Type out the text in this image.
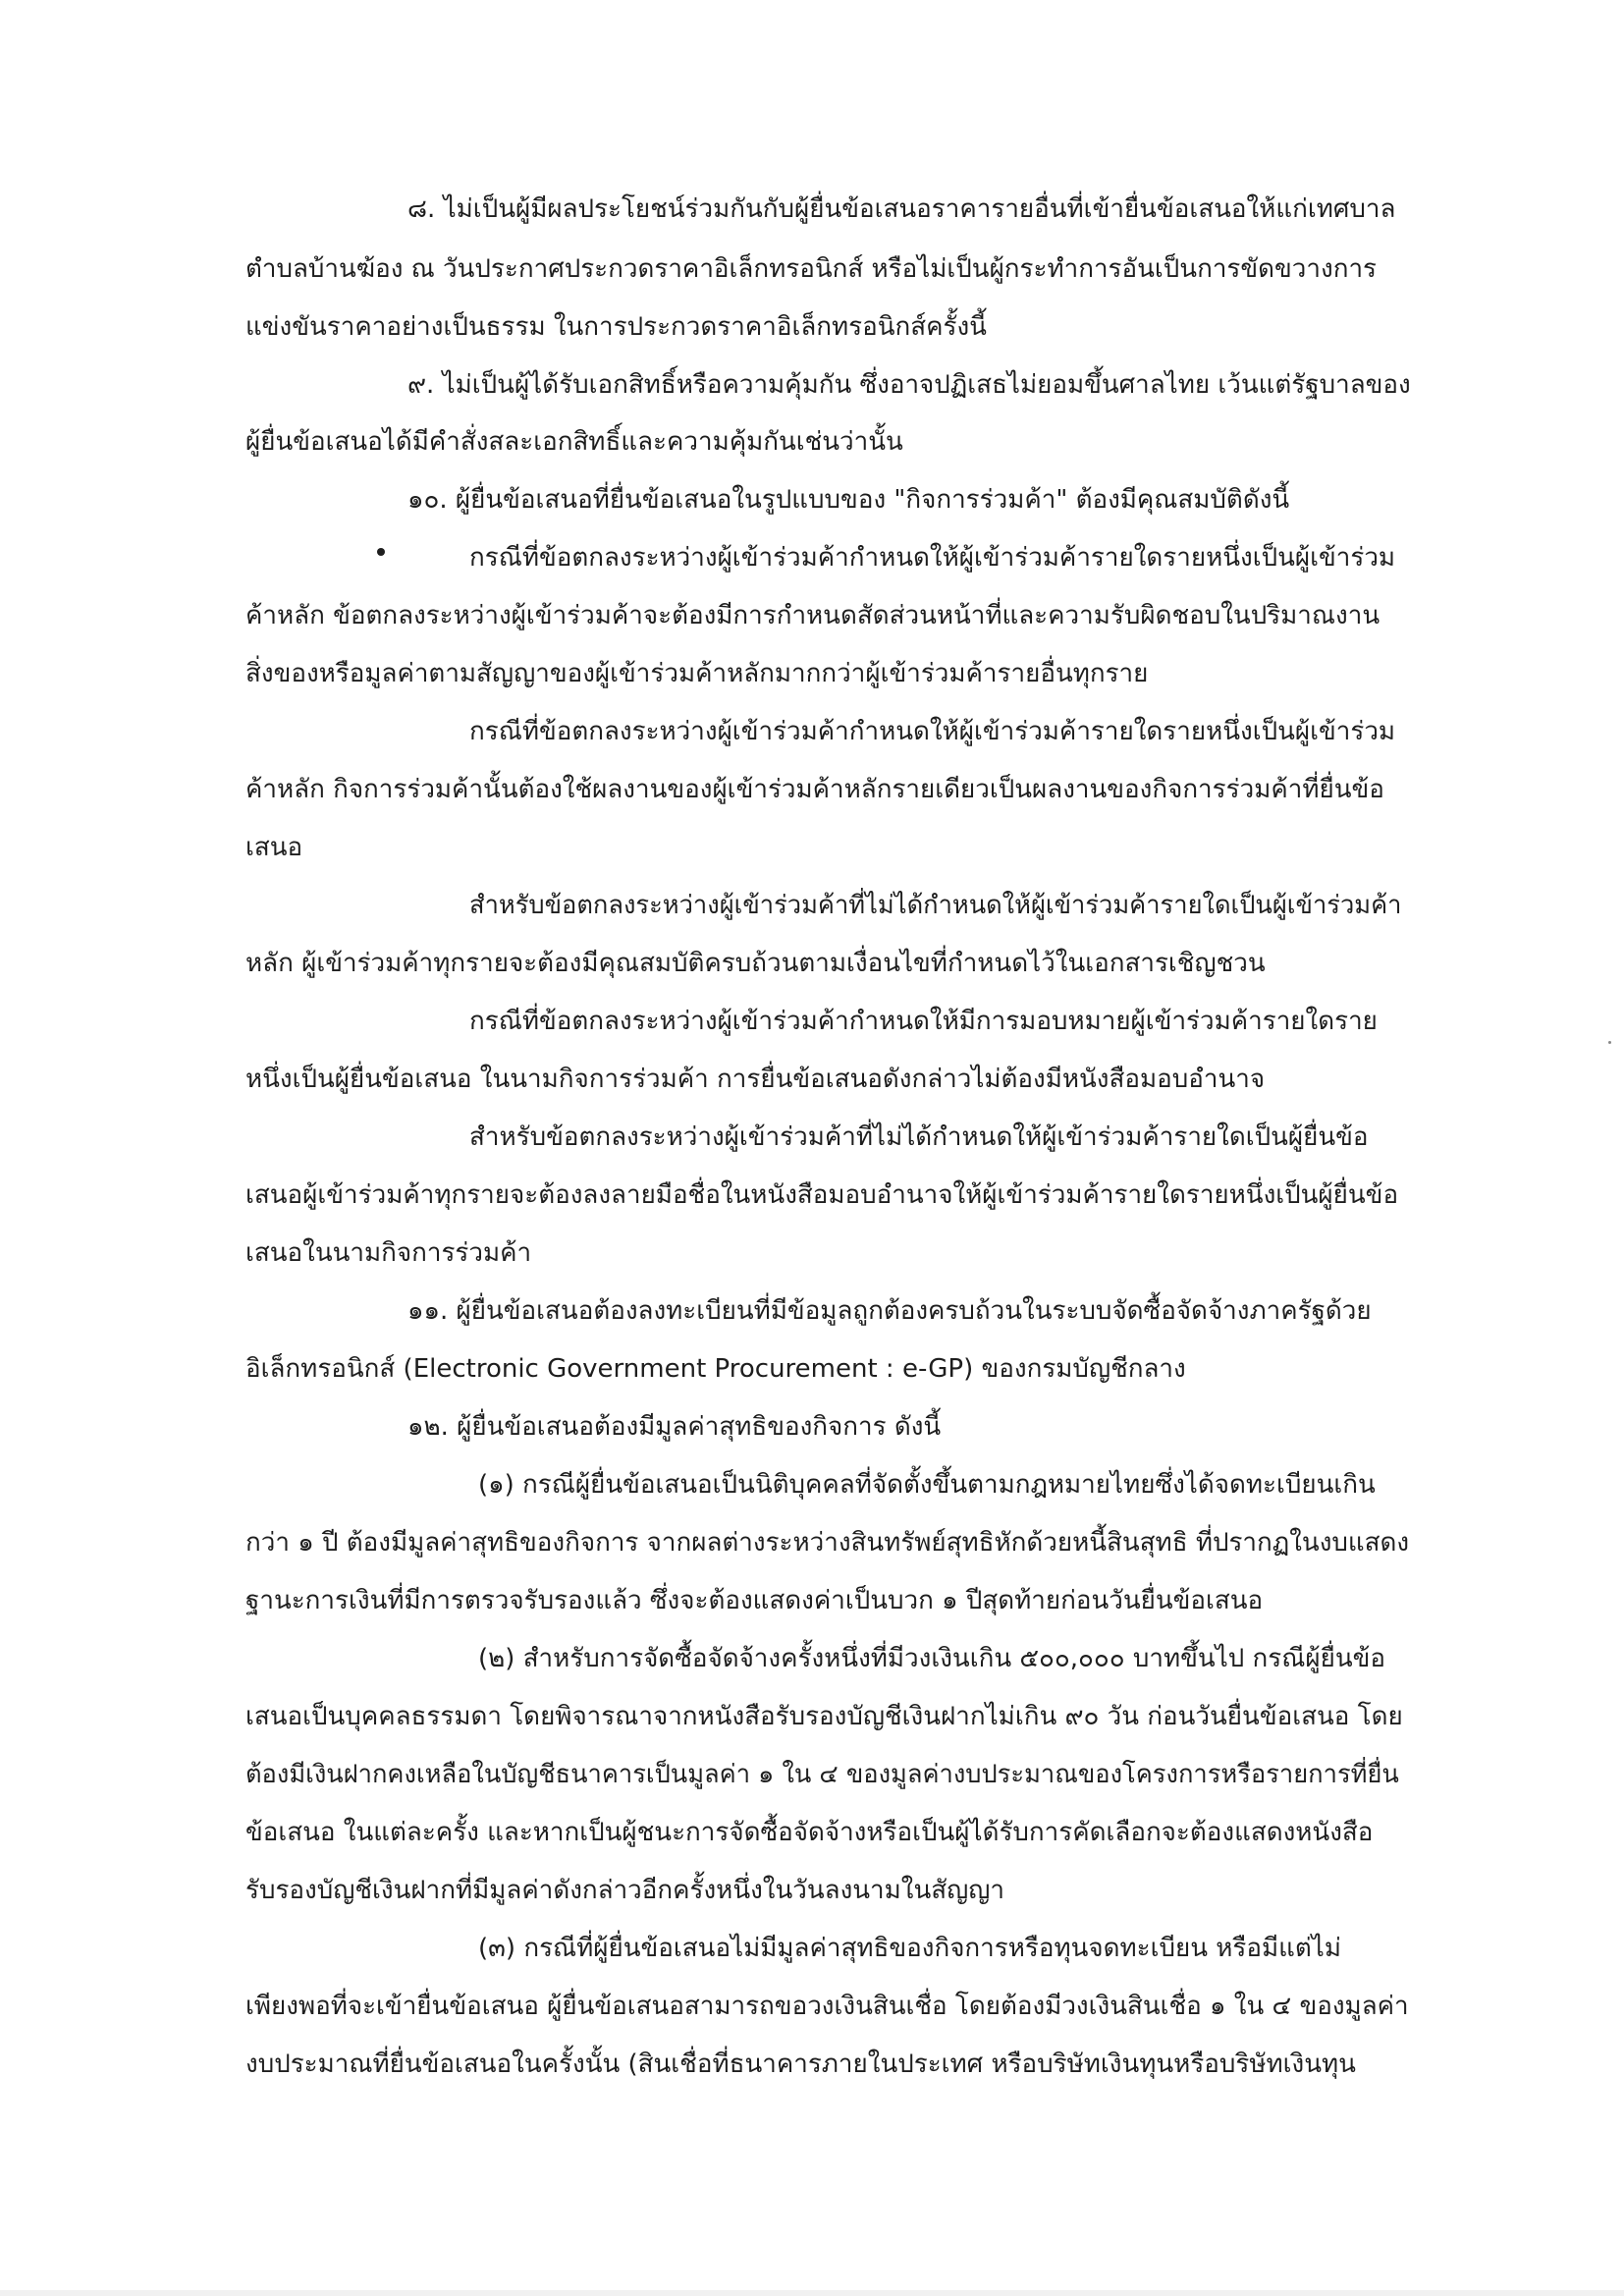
๘. ไม่เป็นผู้มีผลประโยชน์ร่วมกันกับผู้ยื่นข้อเสนอราคารายอื่นที่เข้ายื่นข้อเสนอให้แก่เทศบาล
ตำบลบ้านฆ้อง ณ วันประกาศประกวดราคาอิเล็กทรอนิกส์ หรือไม่เป็นผู้กระทำการอันเป็นการขัดขวางการ
แข่งขันราคาอย่างเป็นธรรม ในการประกวดราคาอิเล็กทรอนิกส์ครั้งนี้
๙. ไม่เป็นผู้ได้รับเอกสิทธิ์หรือความคุ้มกัน ซึ่งอาจปฏิเสธไม่ยอมขึ้นศาลไทย เว้นแต่รัฐบาลของ
ผู้ยื่นข้อเสนอได้มีคำสั่งสละเอกสิทธิ์และความคุ้มกันเช่นว่านั้น
๑๐. ผู้ยื่นข้อเสนอที่ยื่นข้อเสนอในรูปแบบของ "กิจการร่วมค้า" ต้องมีคุณสมบัติดังนี้
กรณีที่ข้อตกลงระหว่างผู้เข้าร่วมค้ากำหนดให้ผู้เข้าร่วมค้ารายใดรายหนึ่งเป็นผู้เข้าร่วม
ค้าหลัก ข้อตกลงระหว่างผู้เข้าร่วมค้าจะต้องมีการกำหนดสัดส่วนหน้าที่และความรับผิดชอบในปริมาณงาน
สิ่งของหรือมูลค่าตามสัญญาของผู้เข้าร่วมค้าหลักมากกว่าผู้เข้าร่วมค้ารายอื่นทุกราย
กรณีที่ข้อตกลงระหว่างผู้เข้าร่วมค้ากำหนดให้ผู้เข้าร่วมค้ารายใดรายหนึ่งเป็นผู้เข้าร่วม
ค้าหลัก กิจการร่วมค้านั้นต้องใช้ผลงานของผู้เข้าร่วมค้าหลักรายเดียวเป็นผลงานของกิจการร่วมค้าที่ยื่นข้อ
เสนอ
สำหรับข้อตกลงระหว่างผู้เข้าร่วมค้าที่ไม่ได้กำหนดให้ผู้เข้าร่วมค้ารายใดเป็นผู้เข้าร่วมค้า
หลัก ผู้เข้าร่วมค้าทุกรายจะต้องมีคุณสมบัติครบถ้วนตามเงื่อนไขที่กำหนดไว้ในเอกสารเชิญชวน
กรณีที่ข้อตกลงระหว่างผู้เข้าร่วมค้ากำหนดให้มีการมอบหมายผู้เข้าร่วมค้ารายใดราย
หนึ่งเป็นผู้ยื่นข้อเสนอ ในนามกิจการร่วมค้า การยื่นข้อเสนอดังกล่าวไม่ต้องมีหนังสือมอบอำนาจ
สำหรับข้อตกลงระหว่างผู้เข้าร่วมค้าที่ไม่ได้กำหนดให้ผู้เข้าร่วมค้ารายใดเป็นผู้ยื่นข้อ
เสนอผู้เข้าร่วมค้าทุกรายจะต้องลงลายมือชื่อในหนังสือมอบอำนาจให้ผู้เข้าร่วมค้ารายใดรายหนึ่งเป็นผู้ยื่นข้อ
เสนอในนามกิจการร่วมค้า
๑๑. ผู้ยื่นข้อเสนอต้องลงทะเบียนที่มีข้อมูลถูกต้องครบถ้วนในระบบจัดซื้อจัดจ้างภาครัฐด้วย
อิเล็กทรอนิกส์ (Electronic Government Procurement : e-GP) ของกรมบัญชีกลาง
๑๒. ผู้ยื่นข้อเสนอต้องมีมูลค่าสุทธิของกิจการ ดังนี้
(๑) กรณีผู้ยื่นข้อเสนอเป็นนิติบุคคลที่จัดตั้งขึ้นตามกฎหมายไทยซึ่งได้จดทะเบียนเกิน
กว่า ๑ ปี ต้องมีมูลค่าสุทธิของกิจการ จากผลต่างระหว่างสินทรัพย์สุทธิหักด้วยหนี้สินสุทธิ ที่ปรากฏในงบแสดง
ฐานะการเงินที่มีการตรวจรับรองแล้ว ซึ่งจะต้องแสดงค่าเป็นบวก ๑ ปีสุดท้ายก่อนวันยื่นข้อเสนอ
(๒) สำหรับการจัดซื้อจัดจ้างครั้งหนึ่งที่มีวงเงินเกิน ๕๐๐,๐๐๐ บาทขึ้นไป กรณีผู้ยื่นข้อ
เสนอเป็นบุคคลธรรมดา โดยพิจารณาจากหนังสือรับรองบัญชีเงินฝากไม่เกิน ๙๐ วัน ก่อนวันยื่นข้อเสนอ โดย
ต้องมีเงินฝากคงเหลือในบัญชีธนาคารเป็นมูลค่า ๑ ใน ๔ ของมูลค่างบประมาณของโครงการหรือรายการที่ยื่น
ข้อเสนอ ในแต่ละครั้ง และหากเป็นผู้ชนะการจัดซื้อจัดจ้างหรือเป็นผู้ได้รับการคัดเลือกจะต้องแสดงหนังสือ
รับรองบัญชีเงินฝากที่มีมูลค่าดังกล่าวอีกครั้งหนึ่งในวันลงนามในสัญญา
(๓) กรณีที่ผู้ยื่นข้อเสนอไม่มีมูลค่าสุทธิของกิจการหรือทุนจดทะเบียน หรือมีแต่ไม่
เพียงพอที่จะเข้ายื่นข้อเสนอ ผู้ยื่นข้อเสนอสามารถขอวงเงินสินเชื่อ โดยต้องมีวงเงินสินเชื่อ ๑ ใน ๔ ของมูลค่า
งบประมาณที่ยื่นข้อเสนอในครั้งนั้น (สินเชื่อที่ธนาคารภายในประเทศ หรือบริษัทเงินทุนหรือบริษัทเงินทุน
